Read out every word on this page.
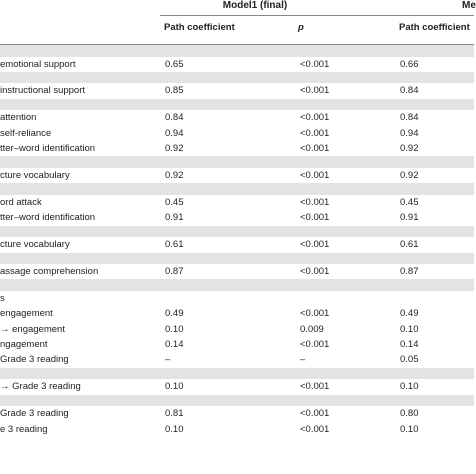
Model1 (final)	Me
Path coefficient	p	Path coefficient
emotional support	0.65	<0.001	0.66
instructional support	0.85	<0.001	0.84
attention	0.84	<0.001	0.84
self-reliance	0.94	<0.001	0.94
tter–word identification	0.92	<0.001	0.92
cture vocabulary	0.92	<0.001	0.92
ord attack	0.45	<0.001	0.45
tter–word identification	0.91	<0.001	0.91
cture vocabulary	0.61	<0.001	0.61
assage comprehension	0.87	<0.001	0.87
s
engagement	0.49	<0.001	0.49
→ engagement	0.10	0.009	0.10
ngagement	0.14	<0.001	0.14
Grade 3 reading	–	–	0.05
→ Grade 3 reading	0.10	<0.001	0.10
Grade 3 reading	0.81	<0.001	0.80
e 3 reading	0.10	<0.001	0.10
